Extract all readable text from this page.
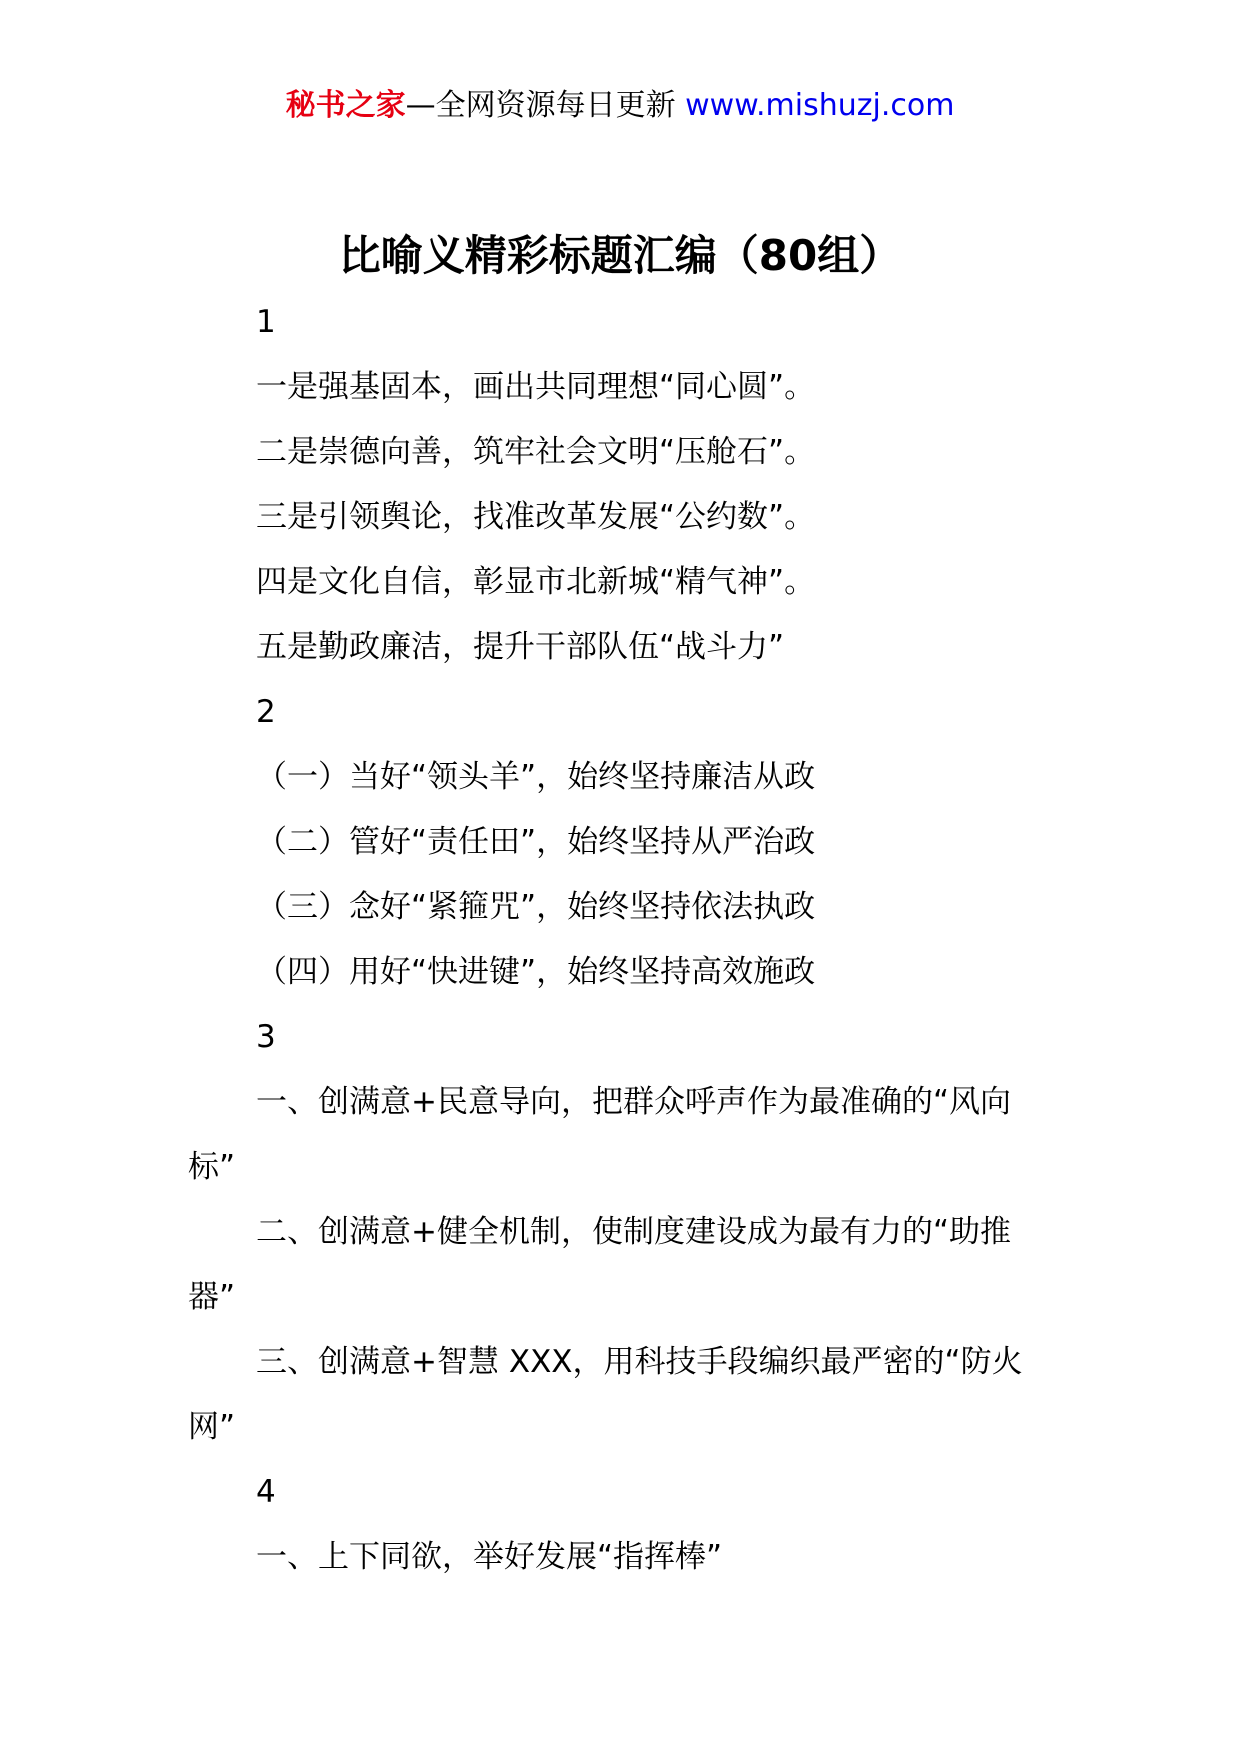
秘书之家—全网资源每日更新 www.mishuzj.com
比喻义精彩标题汇编（80组）

1

一是强基固本，画出共同理想“同心圆”。

二是崇德向善，筑牢社会文明“压舱石”。

三是引领舆论，找准改革发展“公约数”。

四是文化自信，彰显市北新城“精气神”。

五是勤政廉洁，提升干部队伍“战斗力”

2

（一）当好“领头羊”，始终坚持廉洁从政

（二）管好“责任田”，始终坚持从严治政

（三）念好“紧箍咒”，始终坚持依法执政

（四）用好“快进键”，始终坚持高效施政

3

一、创满意+民意导向，把群众呼声作为最准确的“风向标”

二、创满意+健全机制，使制度建设成为最有力的“助推器”

三、创满意+智慧 XXX，用科技手段编织最严密的“防火网”

4

一、上下同欲，举好发展“指挥棒”
